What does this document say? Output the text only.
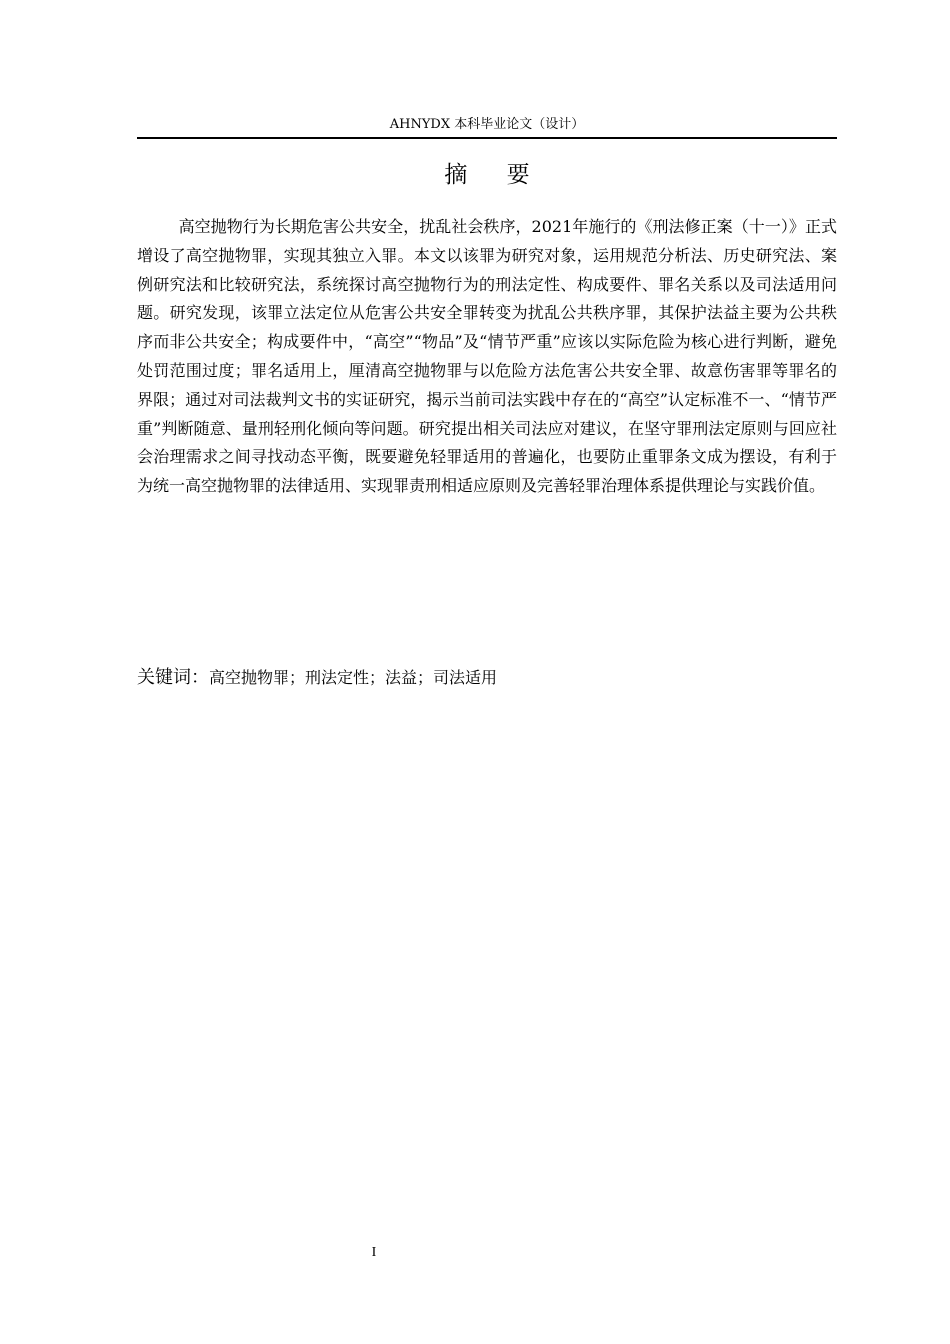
AHNYDX 本科毕业论文（设计）
摘 要

高空抛物行为长期危害公共安全，扰乱社会秩序，2021年施行的《刑法修正案（十一）》正式增设了高空抛物罪，实现其独立入罪。本文以该罪为研究对象，运用规范分析法、历史研究法、案例研究法和比较研究法，系统探讨高空抛物行为的刑法定性、构成要件、罪名关系以及司法适用问题。研究发现，该罪立法定位从危害公共安全罪转变为扰乱公共秩序罪，其保护法益主要为公共秩序而非公共安全；构成要件中，“高空”“物品”及“情节严重”应该以实际危险为核心进行判断，避免处罚范围过度；罪名适用上，厘清高空抛物罪与以危险方法危害公共安全罪、故意伤害罪等罪名的界限；通过对司法裁判文书的实证研究，揭示当前司法实践中存在的“高空”认定标准不一、“情节严重”判断随意、量刑轻刑化倾向等问题。研究提出相关司法应对建议，在坚守罪刑法定原则与回应社会治理需求之间寻找动态平衡，既要避免轻罪适用的普遍化，也要防止重罪条文成为摆设，有利于为统一高空抛物罪的法律适用、实现罪责刑相适应原则及完善轻罪治理体系提供理论与实践价值。

关键词：高空抛物罪；刑法定性；法益；司法适用
I
